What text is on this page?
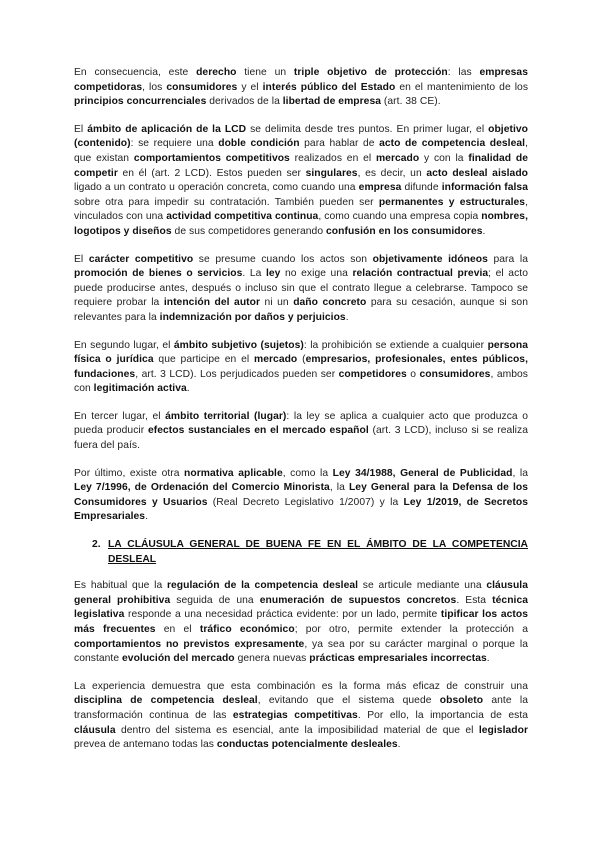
En consecuencia, este derecho tiene un triple objetivo de protección: las empresas competidoras, los consumidores y el interés público del Estado en el mantenimiento de los principios concurrenciales derivados de la libertad de empresa (art. 38 CE).

El ámbito de aplicación de la LCD se delimita desde tres puntos. En primer lugar, el objetivo (contenido): se requiere una doble condición para hablar de acto de competencia desleal, que existan comportamientos competitivos realizados en el mercado y con la finalidad de competir en él (art. 2 LCD). Estos pueden ser singulares, es decir, un acto desleal aislado ligado a un contrato u operación concreta, como cuando una empresa difunde información falsa sobre otra para impedir su contratación. También pueden ser permanentes y estructurales, vinculados con una actividad competitiva continua, como cuando una empresa copia nombres, logotipos y diseños de sus competidores generando confusión en los consumidores.

El carácter competitivo se presume cuando los actos son objetivamente idóneos para la promoción de bienes o servicios. La ley no exige una relación contractual previa; el acto puede producirse antes, después o incluso sin que el contrato llegue a celebrarse. Tampoco se requiere probar la intención del autor ni un daño concreto para su cesación, aunque si son relevantes para la indemnización por daños y perjuicios.

En segundo lugar, el ámbito subjetivo (sujetos): la prohibición se extiende a cualquier persona física o jurídica que participe en el mercado (empresarios, profesionales, entes públicos, fundaciones, art. 3 LCD). Los perjudicados pueden ser competidores o consumidores, ambos con legitimación activa.

En tercer lugar, el ámbito territorial (lugar): la ley se aplica a cualquier acto que produzca o pueda producir efectos sustanciales en el mercado español (art. 3 LCD), incluso si se realiza fuera del país.

Por último, existe otra normativa aplicable, como la Ley 34/1988, General de Publicidad, la Ley 7/1996, de Ordenación del Comercio Minorista, la Ley General para la Defensa de los Consumidores y Usuarios (Real Decreto Legislativo 1/2007) y la Ley 1/2019, de Secretos Empresariales.

2. LA CLÁUSULA GENERAL DE BUENA FE EN EL ÁMBITO DE LA COMPETENCIA DESLEAL

Es habitual que la regulación de la competencia desleal se articule mediante una cláusula general prohibitiva seguida de una enumeración de supuestos concretos. Esta técnica legislativa responde a una necesidad práctica evidente: por un lado, permite tipificar los actos más frecuentes en el tráfico económico; por otro, permite extender la protección a comportamientos no previstos expresamente, ya sea por su carácter marginal o porque la constante evolución del mercado genera nuevas prácticas empresariales incorrectas.

La experiencia demuestra que esta combinación es la forma más eficaz de construir una disciplina de competencia desleal, evitando que el sistema quede obsoleto ante la transformación continua de las estrategias competitivas. Por ello, la importancia de esta cláusula dentro del sistema es esencial, ante la imposibilidad material de que el legislador prevea de antemano todas las conductas potencialmente desleales.
